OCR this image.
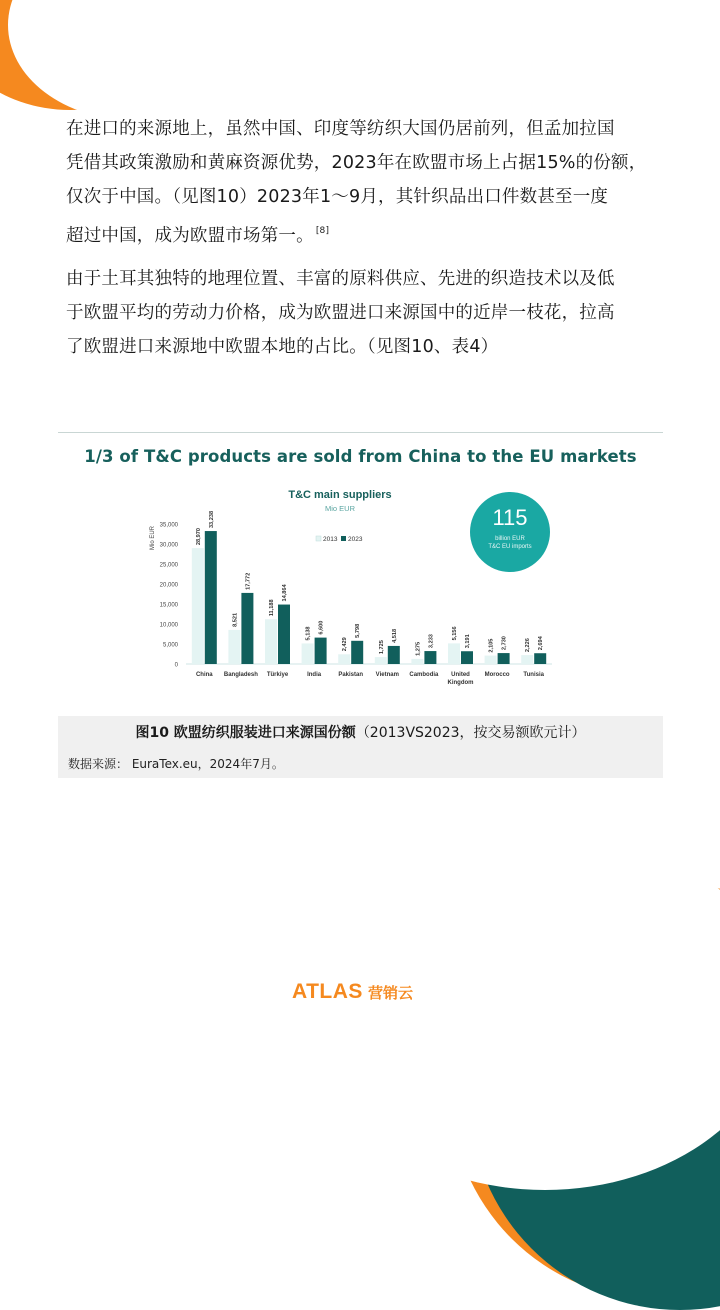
在进口的来源地上，虽然中国、印度等纺织大国仍居前列，但孟加拉国

凭借其政策激励和黄麻资源优势，2023年在欧盟市场上占据15%的份额，

仅次于中国。（见图10）2023年1～9月，其针织品出口件数甚至一度

超过中国，成为欧盟市场第一。 [8]

由于土耳其独特的地理位置、丰富的原料供应、先进的织造技术以及低

于欧盟平均的劳动力价格，成为欧盟进口来源国中的近岸一枝花，拉高

了欧盟进口来源地中欧盟本地的占比。（见图10、表4）

1/3 of T&C products are sold from China to the EU markets
T&C main suppliers
Mio EUR
2013 2023
Mio EUR
0
5,000
10,000
15,000
20,000
25,000
30,000
35,000
28,970
33,238
China
8,521
17,772
Bangladesh
11,188
14,864
Türkiye
5,138 6,600
India
2,429
5,798
Pakistan
1,725
4,518
Vietnam
1,275
3,233
Cambodia
5,156
3,191
United
Kingdom
2,105 2,730
Morocco
2,226 2,694
Tunisia
115
billion EUR
T&C EU imports
图10 欧盟纺织服装进口来源国份额（2013VS2023，按交易额欧元计）
数据来源： EuraTex.eu，2024年7月。
ATLAS 营销云
14
